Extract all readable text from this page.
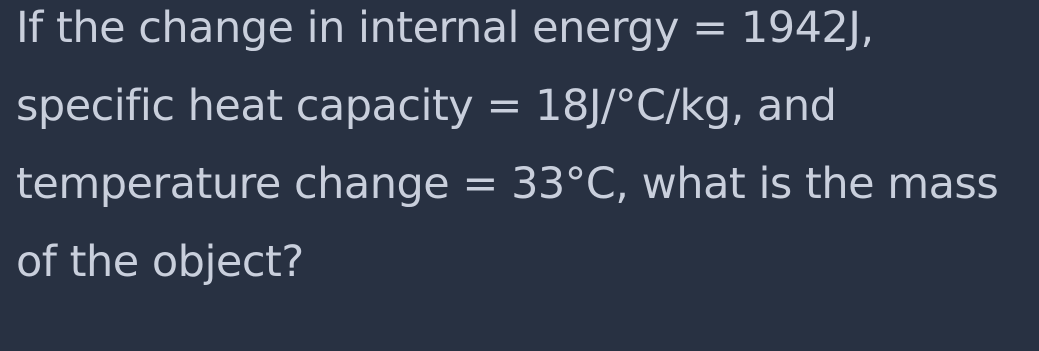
If the change in internal energy = 1942J,
specific heat capacity = 18J/°C/kg, and
temperature change = 33°C, what is the mass
of the object?
